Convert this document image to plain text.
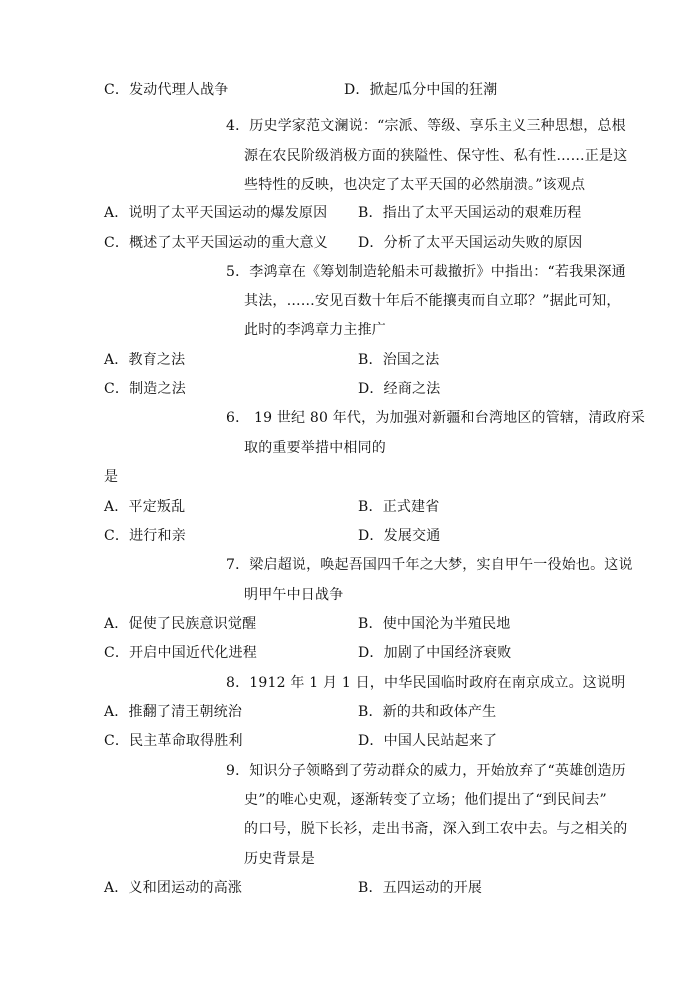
C．发动代理人战争	D．掀起瓜分中国的狂潮
4．历史学家范文澜说：“宗派、等级、享乐主义三种思想，总根
源在农民阶级消极方面的狭隘性、保守性、私有性……正是这
些特性的反映，也决定了太平天国的必然崩溃。”该观点
A．说明了太平天国运动的爆发原因 B．指出了太平天国运动的艰难历程
C．概述了太平天国运动的重大意义 D．分析了太平天国运动失败的原因
5．李鸿章在《筹划制造轮船未可裁撤折》中指出：“若我果深通
其法，……安见百数十年后不能攘夷而自立耶？”据此可知，
此时的李鸿章力主推广
A．教育之法	B．治国之法
C．制造之法	D．经商之法
6． 19 世纪 80 年代，为加强对新疆和台湾地区的管辖，清政府采
取的重要举措中相同的
是
A．平定叛乱	B．正式建省
C．进行和亲	D．发展交通
7．梁启超说，唤起吾国四千年之大梦，实自甲午一役始也。这说
明甲午中日战争
A．促使了民族意识觉醒	B．使中国沦为半殖民地
C．开启中国近代化进程	D．加剧了中国经济衰败
8．1912 年 1 月 1 日，中华民国临时政府在南京成立。这说明
A．推翻了清王朝统治	B．新的共和政体产生
C．民主革命取得胜利	D．中国人民站起来了
9．知识分子领略到了劳动群众的威力，开始放弃了“英雄创造历
史”的唯心史观，逐渐转变了立场；他们提出了“到民间去”
的口号，脱下长衫，走出书斋，深入到工农中去。与之相关的
历史背景是
A．义和团运动的高涨	B．五四运动的开展
